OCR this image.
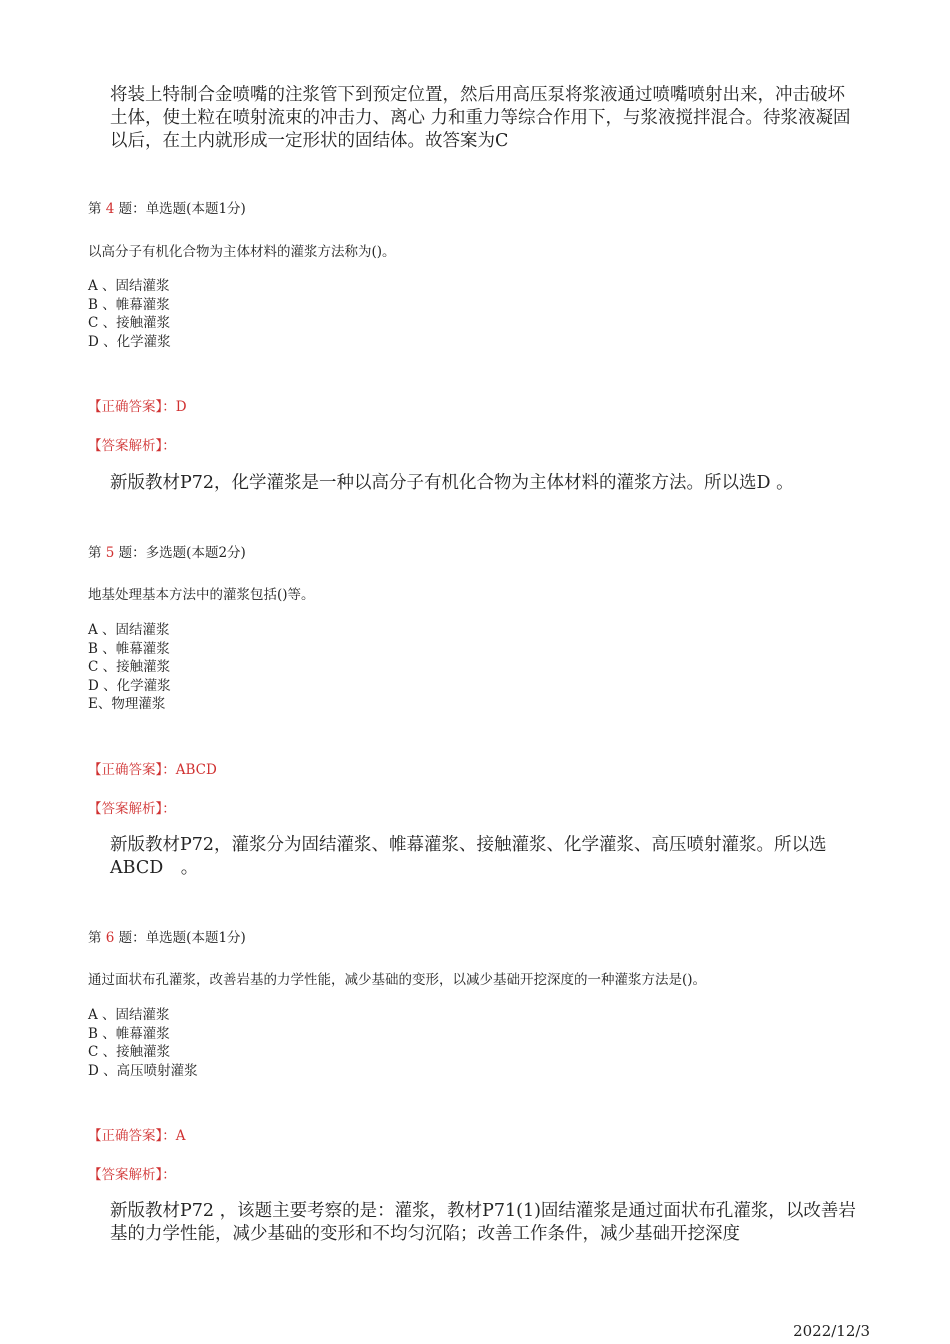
将装上特制合金喷嘴的注浆管下到预定位置，然后用高压泵将浆液通过喷嘴喷射出来，冲击破坏土体，使土粒在喷射流束的冲击力、离心 力和重力等综合作用下，与浆液搅拌混合。待浆液凝固以后，在土内就形成一定形状的固结体。故答案为C
第 4 题：单选题(本题1分)
以高分子有机化合物为主体材料的灌浆方法称为()。
A 、固结灌浆
B 、帷幕灌浆
C 、接触灌浆
D 、化学灌浆
【正确答案】：D
【答案解析】：
新版教材P72，化学灌浆是一种以高分子有机化合物为主体材料的灌浆方法。所以选D 。
第 5 题：多选题(本题2分)
地基处理基本方法中的灌浆包括()等。
A 、固结灌浆
B 、帷幕灌浆
C 、接触灌浆
D 、化学灌浆
E、物理灌浆
【正确答案】：ABCD
【答案解析】：
新版教材P72，灌浆分为固结灌浆、帷幕灌浆、接触灌浆、化学灌浆、高压喷射灌浆。所以选ABCD　。
第 6 题：单选题(本题1分)
通过面状布孔灌浆，改善岩基的力学性能，减少基础的变形，以减少基础开挖深度的一种灌浆方法是()。
A 、固结灌浆
B 、帷幕灌浆
C 、接触灌浆
D 、高压喷射灌浆
【正确答案】：A
【答案解析】：
新版教材P72 ，该题主要考察的是：灌浆，教材P71(1)固结灌浆是通过面状布孔灌浆，以改善岩基的力学性能，减少基础的变形和不均匀沉陷；改善工作条件，减少基础开挖深度
2022/12/3
